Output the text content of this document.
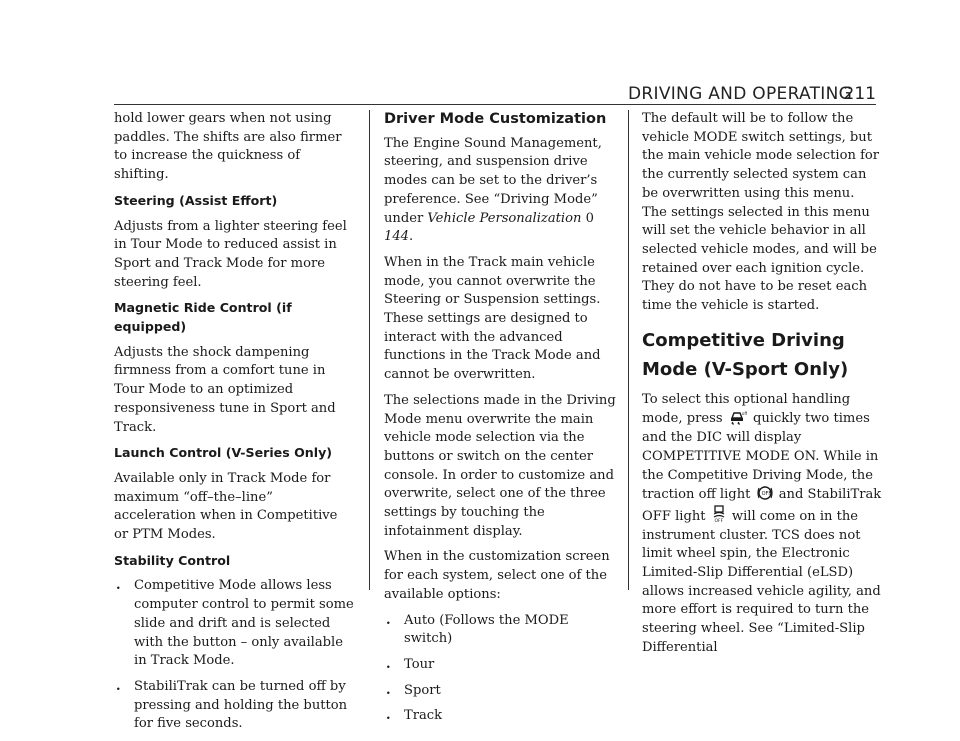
DRIVING AND OPERATING
211

hold lower gears when not using paddles. The shifts are also firmer to increase the quickness of shifting.

Steering (Assist Effort)

Adjusts from a lighter steering feel in Tour Mode to reduced assist in Sport and Track Mode for more steering feel.

Magnetic Ride Control (if equipped)

Adjusts the shock dampening firmness from a comfort tune in Tour Mode to an optimized responsiveness tune in Sport and Track.

Launch Control (V-Series Only)

Available only in Track Mode for maximum “off–the–line” acceleration when in Competitive or PTM Modes.

Stability Control
. Competitive Mode allows less computer control to permit some slide and drift and is selected with the button – only available in Track Mode.
. StabiliTrak can be turned off by pressing and holding the button for five seconds.
Driver Mode Customization

The Engine Sound Management, steering, and suspension drive modes can be set to the driver’s preference. See “Driving Mode” under Vehicle Personalization 0 144.

When in the Track main vehicle mode, you cannot overwrite the Steering or Suspension settings. These settings are designed to interact with the advanced functions in the Track Mode and cannot be overwritten.

The selections made in the Driving Mode menu overwrite the main vehicle mode selection via the buttons or switch on the center console. In order to customize and overwrite, select one of the three settings by touching the infotainment display.

When in the customization screen for each system, select one of the available options:

. Auto (Follows the MODE switch)
. Tour
. Sport
. Track

The default will be to follow the vehicle MODE switch settings, but the main vehicle mode selection for the currently selected system can be overwritten using this menu. The settings selected in this menu will set the vehicle behavior in all selected vehicle modes, and will be retained over each ignition cycle. They do not have to be reset each time the vehicle is started.

Competitive Driving Mode (V-Sport Only)

To select this optional handling mode, press	off quickly two times and the DIC will display COMPETITIVE MODE ON. While in the Competitive Driving Mode, the traction off light OFF and StabiliTrak OFF light OFF will come on in the instrument cluster. TCS does not limit wheel spin, the Electronic Limited-Slip Differential (eLSD) allows increased vehicle agility, and more effort is required to turn the steering wheel. See “Limited-Slip Differential
